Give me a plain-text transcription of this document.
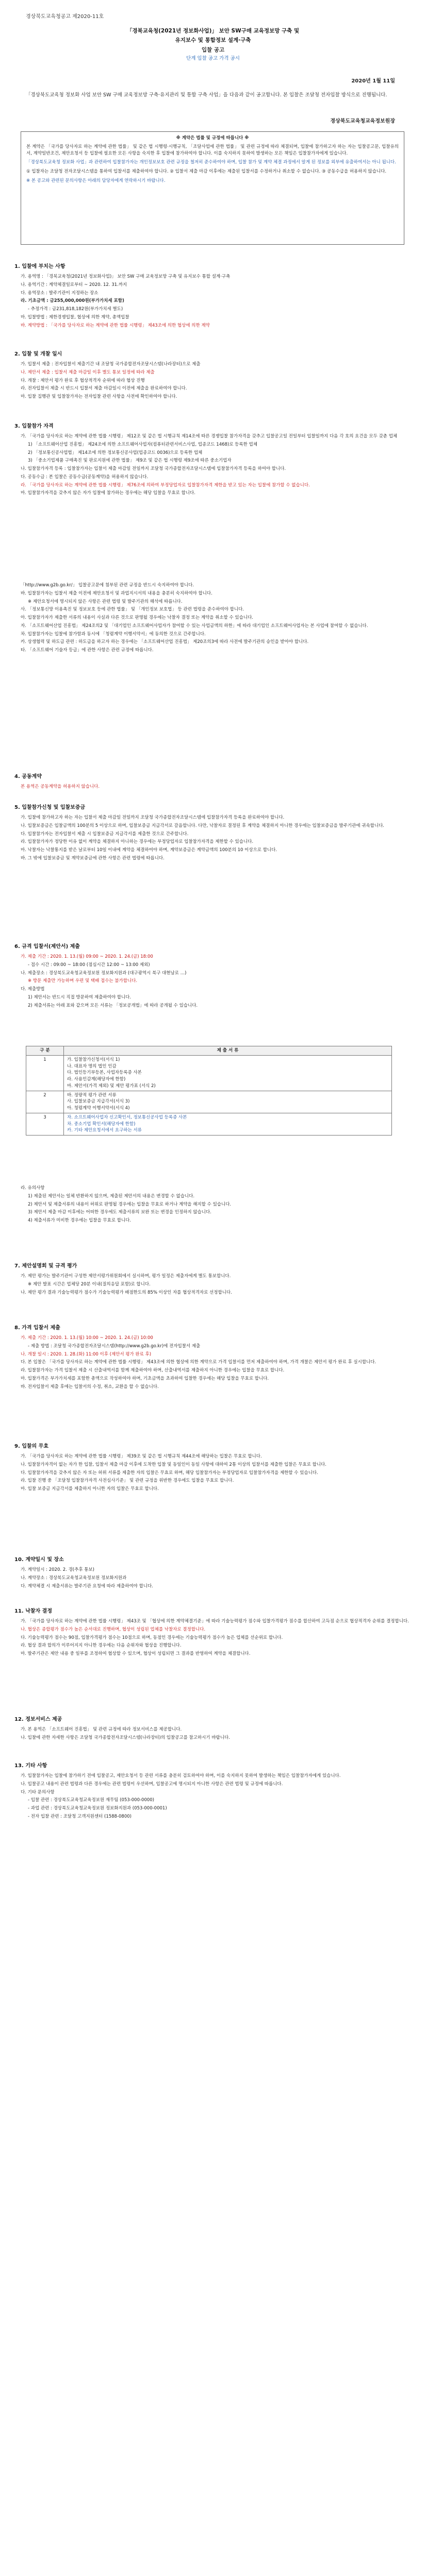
경상북도교육청공고 제2020-11호
「경북교육청(2021년 정보화사업)」 보안 SW구매 교육정보망 구축 및
유지보수 및 통합정보 설계·구축
입찰 공고
단계 입찰 공고 가격 공시
2020년 1월 11일
「경상북도교육청 정보화 사업 보안 SW 구매 교육정보망 구축·유지관리 및 통합 구축 사업」을 다음과 같이 공고합니다. 본 입찰은 조달청 전자입찰 방식으로 진행됩니다.
경상북도교육청교육정보원장
※ 계약은 법률 및 규정에 따릅니다 ※

본 계약은 「국가를 당사자로 하는 계약에 관한 법률」 및 같은 법 시행령·시행규칙, 「조달사업에 관한 법률」 및 관련 규정에 따라 체결되며, 입찰에 참가하고자 하는 자는 입찰공고문, 입찰유의서, 계약일반조건, 제안요청서 등 입찰에 필요한 모든 사항을 숙지한 후 입찰에 참가하여야 합니다. 이를 숙지하지 못하여 발생하는 모든 책임은 입찰참가자에게 있습니다.

「경상북도교육청 정보화 사업」과 관련하여 입찰참가자는 개인정보보호 관련 규정을 철저히 준수하여야 하며, 입찰 참가 및 계약 체결 과정에서 알게 된 정보를 외부에 유출하여서는 아니 됩니다.

① 입찰자는 조달청 전자조달시스템을 통하여 입찰서를 제출하여야 합니다. ② 입찰서 제출 마감 이후에는 제출된 입찰서를 수정하거나 취소할 수 없습니다. ③ 공동수급을 허용하지 않습니다.

※ 본 공고와 관련된 문의사항은 아래의 담당자에게 연락하시기 바랍니다.

1. 입찰에 부치는 사항
가. 용역명 : 「경북교육청(2021년 정보화사업)」 보안 SW 구매 교육정보망 구축 및 유지보수 통합 설계·구축
나. 용역기간 : 계약체결일로부터 ~ 2020. 12. 31.까지
다. 용역장소 : 발주기관이 지정하는 장소
라. 기초금액 : 금255,000,000원(부가가치세 포함)
- 추정가격 : 금231,818,182원(부가가치세 별도)
마. 입찰방법 : 제한경쟁입찰, 협상에 의한 계약, 총액입찰
바. 계약방법 : 「국가를 당사자로 하는 계약에 관한 법률 시행령」 제43조에 의한 협상에 의한 계약
2. 입찰 및 개찰 일시
가. 입찰서 제출 : 전자입찰서 제출기간 내 조달청 국가종합전자조달시스템(나라장터)으로 제출
나. 제안서 제출 : 입찰서 제출 마감일 이후 별도 통보 일정에 따라 제출
다. 개찰 : 제안서 평가 완료 후 협상적격자 순위에 따라 협상 진행
라. 전자입찰서 제출 시 반드시 입찰서 제출 마감일시 이전에 제출을 완료하여야 합니다.
마. 입찰 집행관 및 입찰참가자는 전자입찰 관련 사항을 사전에 확인하여야 합니다.
3. 입찰참가 자격
가. 「국가를 당사자로 하는 계약에 관한 법률 시행령」 제12조 및 같은 법 시행규칙 제14조에 따른 경쟁입찰 참가자격을 갖추고 입찰공고일 전일부터 입찰일까지 다음 각 호의 요건을 모두 갖춘 업체
1) 「소프트웨어산업 진흥법」 제24조에 의한 소프트웨어사업자(컴퓨터관련서비스사업, 업종코드 1468)로 등록한 업체
2) 「정보통신공사업법」 제14조에 의한 정보통신공사업(업종코드 0036)으로 등록한 업체
3) 「중소기업제품 구매촉진 및 판로지원에 관한 법률」 제9조 및 같은 법 시행령 제9조에 따른 중소기업자
나. 입찰참가자격 등록 : 입찰참가자는 입찰서 제출 마감일 전일까지 조달청 국가종합전자조달시스템에 입찰참가자격 등록을 하여야 합니다.
다. 공동수급 : 본 입찰은 공동수급(공동계약)을 허용하지 않습니다.
라. 「국가를 당사자로 하는 계약에 관한 법률 시행령」 제76조에 의하여 부정당업자로 입찰참가자격 제한을 받고 있는 자는 입찰에 참가할 수 없습니다.
마. 입찰참가자격을 갖추지 않은 자가 입찰에 참가하는 경우에는 해당 입찰을 무효로 합니다.
「http://www.g2b.go.kr/」 입찰공고문에 첨부된 관련 규정을 반드시 숙지하여야 합니다.
바. 입찰참가자는 입찰서 제출 이전에 제안요청서 및 과업지시서의 내용을 충분히 숙지하여야 합니다.
※ 제안요청서에 명시되지 않은 사항은 관련 법령 및 발주기관의 해석에 따릅니다.
사. 「정보통신망 이용촉진 및 정보보호 등에 관한 법률」 및 「개인정보 보호법」 등 관련 법령을 준수하여야 합니다.
아. 입찰참가자가 제출한 서류의 내용이 사실과 다른 것으로 판명될 경우에는 낙찰자 결정 또는 계약을 취소할 수 있습니다.
자. 「소프트웨어산업 진흥법」 제24조의2 및 「대기업인 소프트웨어사업자가 참여할 수 있는 사업금액의 하한」에 따라 대기업인 소프트웨어사업자는 본 사업에 참여할 수 없습니다.
차. 입찰참가자는 입찰에 참가함과 동시에 「청렴계약 이행서약서」에 동의한 것으로 간주합니다.
카. 상생협력 및 하도급 관련 : 하도급을 하고자 하는 경우에는 「소프트웨어산업 진흥법」 제20조의3에 따라 사전에 발주기관의 승인을 받아야 합니다.
타. 「소프트웨어 기술자 등급」에 관한 사항은 관련 규정에 따릅니다.
4. 공동계약
본 용역은 공동계약을 허용하지 않습니다.
5. 입찰참가신청 및 입찰보증금
가. 입찰에 참가하고자 하는 자는 입찰서 제출 마감일 전일까지 조달청 국가종합전자조달시스템에 입찰참가자격 등록을 완료하여야 합니다.
나. 입찰보증금은 입찰금액의 100분의 5 이상으로 하며, 입찰보증금 지급각서로 갈음합니다. 다만, 낙찰자로 결정된 후 계약을 체결하지 아니한 경우에는 입찰보증금을 발주기관에 귀속합니다.
다. 입찰참가자는 전자입찰서 제출 시 입찰보증금 지급각서를 제출한 것으로 간주합니다.
라. 입찰참가자가 정당한 이유 없이 계약을 체결하지 아니하는 경우에는 부정당업자로 입찰참가자격을 제한할 수 있습니다.
마. 낙찰자는 낙찰통지를 받은 날로부터 10일 이내에 계약을 체결하여야 하며, 계약보증금은 계약금액의 100분의 10 이상으로 합니다.
바. 그 밖에 입찰보증금 및 계약보증금에 관한 사항은 관련 법령에 따릅니다.
6. 규격 입찰서(제안서) 제출
가. 제출 기간 : 2020. 1. 13.(월) 09:00 ~ 2020. 1. 24.(금) 18:00
- 접수 시간 : 09:00 ~ 18:00 (점심시간 12:00 ~ 13:00 제외)
나. 제출장소 : 경상북도교육청교육정보원 정보화지원과 (대구광역시 북구 대현남로 …)
※ 방문 제출만 가능하며 우편 및 택배 접수는 불가합니다.
다. 제출방법
1) 제안서는 반드시 직접 방문하여 제출하여야 합니다.
2) 제출서류는 아래 표와 같으며 모든 서류는 「정보공개법」에 따라 공개될 수 있습니다.
구 분	제 출 서 류
1	가. 입찰참가신청서(서식 1)
나. 대표자 명의 법인 인감
다. 법인등기부등본, 사업자등록증 사본
라. 사용인감계(해당자에 한함)
마. 제안서(가격 제외) 및 제안 평가표 (서식 2)
2	바. 정량적 평가 관련 서류
사. 입찰보증금 지급각서(서식 3)
아. 청렴계약 이행서약서(서식 4)
3	자. 소프트웨어사업자 신고확인서, 정보통신공사업 등록증 사본
차. 중소기업 확인서(해당자에 한함)
카. 기타 제안요청서에서 요구하는 서류
라. 유의사항
1) 제출된 제안서는 일체 반환하지 않으며, 제출된 제안서의 내용은 변경할 수 없습니다.
2) 제안서 및 제출서류의 내용이 허위로 판명될 경우에는 입찰을 무효로 하거나 계약을 해지할 수 있습니다.
3) 제안서 제출 마감 이후에는 어떠한 경우에도 제출서류의 보완 또는 변경을 인정하지 않습니다.
4) 제출서류가 미비한 경우에는 입찰을 무효로 합니다.
7. 제안설명회 및 규격 평가
가. 제안 평가는 발주기관이 구성한 제안서평가위원회에서 실시하며, 평가 일정은 제출자에게 별도 통보합니다.
※ 제안 발표 시간은 업체당 20분 이내(질의응답 포함)로 합니다.
나. 제안 평가 결과 기술능력평가 점수가 기술능력평가 배점한도의 85% 이상인 자를 협상적격자로 선정합니다.
8. 가격 입찰서 제출
가. 제출 기간 : 2020. 1. 13.(월) 10:00 ~ 2020. 1. 24.(금) 10:00
- 제출 방법 : 조달청 국가종합전자조달시스템(http://www.g2b.go.kr)에 전자입찰서 제출
나. 개찰 일시 : 2020. 1. 28.(화) 11:00 이후 (제안서 평가 완료 후)
다. 본 입찰은 「국가를 당사자로 하는 계약에 관한 법률 시행령」 제43조에 의한 협상에 의한 계약으로 가격 입찰서를 먼저 제출하여야 하며, 가격 개찰은 제안서 평가 완료 후 실시합니다.
라. 입찰참가자는 가격 입찰서 제출 시 산출내역서를 함께 제출하여야 하며, 산출내역서를 제출하지 아니한 경우에는 입찰을 무효로 합니다.
마. 입찰가격은 부가가치세를 포함한 총액으로 작성하여야 하며, 기초금액을 초과하여 입찰한 경우에는 해당 입찰을 무효로 합니다.
바. 전자입찰서 제출 후에는 입찰서의 수정, 취소, 교환을 할 수 없습니다.
9. 입찰의 무효
가. 「국가를 당사자로 하는 계약에 관한 법률 시행령」 제39조 및 같은 법 시행규칙 제44조에 해당하는 입찰은 무효로 합니다.
나. 입찰참가자격이 없는 자가 한 입찰, 입찰서 제출 마감 이후에 도착한 입찰 및 동일인이 동일 사항에 대하여 2통 이상의 입찰서를 제출한 입찰은 무효로 합니다.
다. 입찰참가자격을 갖추지 않은 자 또는 허위 서류를 제출한 자의 입찰은 무효로 하며, 해당 입찰참가자는 부정당업자로 입찰참가자격을 제한할 수 있습니다.
라. 입찰 진행 중 「조달청 입찰참가자격 사전심사기준」 및 관련 규정을 위반한 경우에도 입찰을 무효로 합니다.
마. 입찰 보증금 지급각서를 제출하지 아니한 자의 입찰은 무효로 합니다.
10. 계약일시 및 장소
가. 계약일시 : 2020. 2. 경(추후 통보)
나. 계약장소 : 경상북도교육청교육정보원 정보화지원과
다. 계약체결 시 제출서류는 발주기관 요청에 따라 제출하여야 합니다.
11. 낙찰자 결정
가. 「국가를 당사자로 하는 계약에 관한 법률 시행령」 제43조 및 「협상에 의한 계약체결기준」에 따라 기술능력평가 점수와 입찰가격평가 점수를 합산하여 고득점 순으로 협상적격자 순위를 결정합니다.
나. 협상은 종합평가 점수가 높은 순서대로 진행하며, 협상이 성립된 업체를 낙찰자로 결정합니다.
다. 기술능력평가 점수는 90점, 입찰가격평가 점수는 10점으로 하며, 동점인 경우에는 기술능력평가 점수가 높은 업체를 선순위로 합니다.
라. 협상 결과 합의가 이루어지지 아니한 경우에는 다음 순위자와 협상을 진행합니다.
마. 발주기관은 제안 내용 중 일부를 조정하여 협상할 수 있으며, 협상이 성립되면 그 결과를 반영하여 계약을 체결합니다.
12. 정보서비스 제공
가. 본 용역은 「소프트웨어 진흥법」 및 관련 규정에 따라 정보서비스를 제공합니다.
나. 입찰에 관한 자세한 사항은 조달청 국가종합전자조달시스템(나라장터)의 입찰공고를 참고하시기 바랍니다.
13. 기타 사항
가. 입찰참가자는 입찰에 참가하기 전에 입찰공고, 제안요청서 등 관련 서류를 충분히 검토하여야 하며, 이를 숙지하지 못하여 발생하는 책임은 입찰참가자에게 있습니다.
나. 입찰공고 내용이 관련 법령과 다른 경우에는 관련 법령이 우선하며, 입찰공고에 명시되지 아니한 사항은 관련 법령 및 규정에 따릅니다.
다. 기타 문의사항
- 입찰 관련 : 경상북도교육청교육정보원 재무팀 (053-000-0000)
- 과업 관련 : 경상북도교육청교육정보원 정보화지원과 (053-000-0001)
- 전자 입찰 관련 : 조달청 고객지원센터 (1588-0800)
